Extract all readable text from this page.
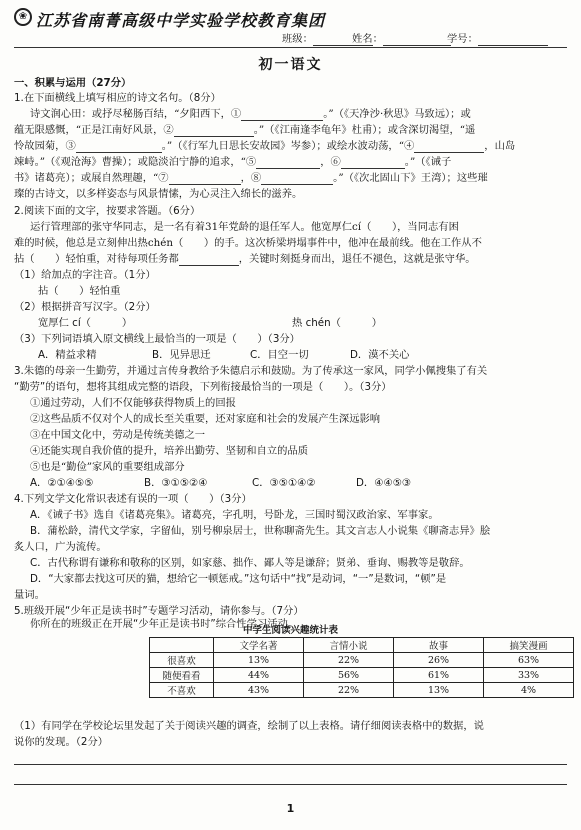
❀ 江苏省南菁高级中学实验学校教育集团
班级：	姓名：	学号：
初一语文
一、积累与运用（27分）
1.在下面横线上填写相应的诗文名句。（8分）
诗文润心田：或抒尽秘肠百结，“夕阳西下，①	。”（《天净沙·秋思》马致远）；或
蕴无限感慨，“正是江南好风景，②	。”（《江南逢李龟年》杜甫）；或含深切渴望，“遥
怜故园菊，③	。”（《行军九日思长安故园》岑参）；或绘水波动荡，“④	，山岛
竦峙。”（《观沧海》曹操）；或隐淡泊宁静的追求，“⑤	，⑥	。”（《诫子
书》诸葛亮）；或展自然理趣，“⑦	，⑧	。”（《次北固山下》王湾）；这些璀
璨的古诗文，以多样姿态与风景情愫，为心灵注入绵长的滋养。
2.阅读下面的文字，按要求答题。（6分）
运行管理部的张守华同志，是一名有着31年党龄的退任军人。他宽厚仁cí（　　），当同志有困
难的时候，他总是立刻伸出热chén（　　）的手。这次桥梁坍塌事件中，他冲在最前线。他在工作从不
拈（　　）轻怕重，对待每项任务都	，关键时刻挺身而出，退任不褪色，这就是张守华。
（1）给加点的字注音。（1分）
拈（　　）轻怕重
（2）根据拼音写汉字。（2分）
宽厚仁 cí（　　　）	热 chén（　　　）
（3）下列词语填入原文横线上最恰当的一项是（　　）（3分）
A．精益求精	B．见异思迁	C．目空一切	D．漠不关心
3.朱德的母亲一生勤劳，并通过言传身教给予朱德启示和鼓励。为了传承这一家风，同学小佩搜集了有关
“勤劳”的语句，想将其组成完整的语段，下列衔接最恰当的一项是（　　）。（3分）
①通过劳动，人们不仅能够获得物质上的回报
②这些品质不仅对个人的成长至关重要，还对家庭和社会的发展产生深远影响
③在中国文化中，劳动是传统美德之一
④还能实现自我价值的提升，培养出勤劳、坚韧和自立的品质
⑤也是“勤俭”家风的重要组成部分
A．②①④⑤⑤	B．③①⑤②④	C．③⑤①④②	D．④④⑤③
4.下列文学文化常识表述有误的一项（　　）（3分）
A．《诫子书》选自《诸葛亮集》。诸葛亮，字孔明，号卧龙，三国时蜀汉政治家、军事家。
B．蒲松龄，清代文学家，字留仙，别号柳泉居士，世称聊斋先生。其文言志人小说集《聊斋志异》脍
炙人口，广为流传。
C．古代称谓有谦称和敬称的区别，如家慈、拙作、鄙人等是谦辞；贤弟、垂询、赐教等是敬辞。
D．“大家都去找这可厌的猫，想给它一顿惩戒。”这句话中“找”是动词，“一”是数词，“顿”是
量词。
5.班级开展“少年正是读书时”专题学习活动，请你参与。（7分）
你所在的班级正在开展“少年正是读书时”综合性学习活动。
中学生阅读兴趣统计表
	文学名著	言情小说	故事	搞笑漫画
很喜欢	13%	22%	26%	63%
随便看看	44%	56%	61%	33%
不喜欢	43%	22%	13%	4%
（1）有同学在学校论坛里发起了关于阅读兴趣的调查，绘制了以上表格。请仔细阅读表格中的数据，说
说你的发现。（2分）
1
